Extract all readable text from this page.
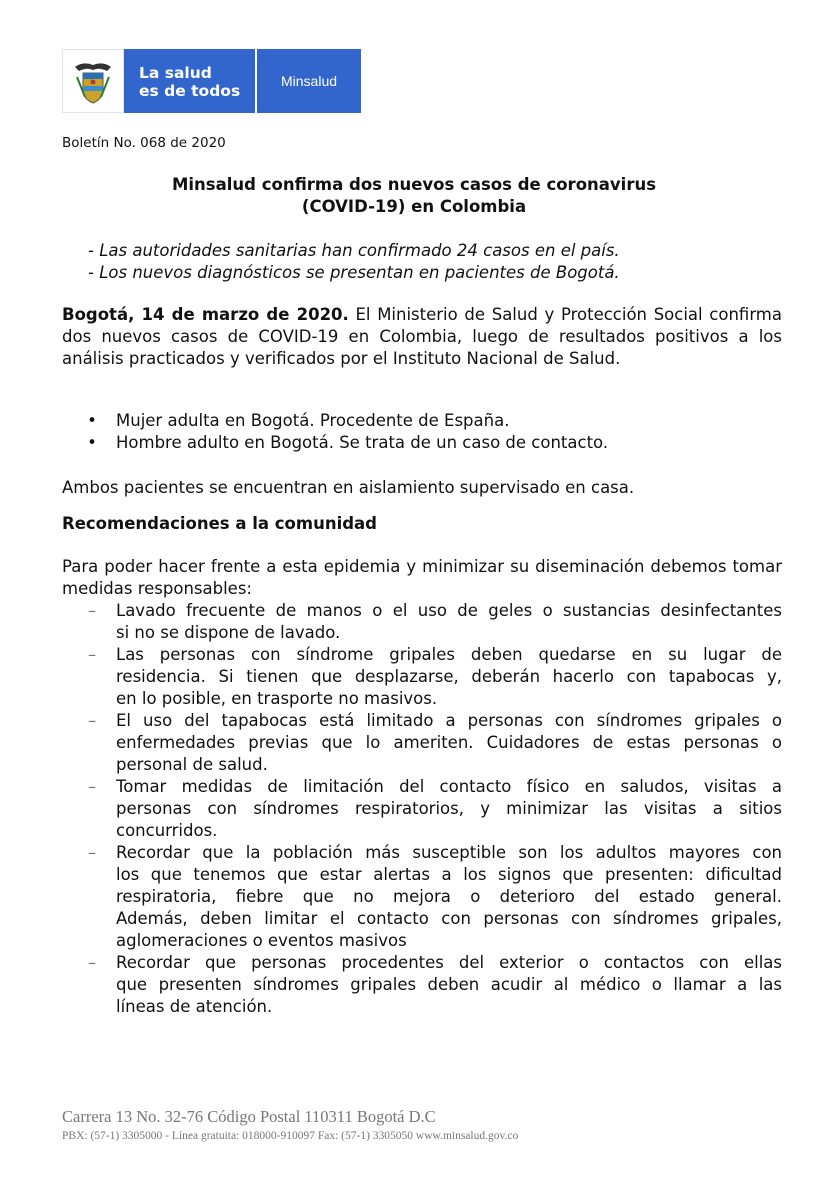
La salud
es de todos
Minsalud
Boletín No. 068 de 2020
Minsalud confirma dos nuevos casos de coronavirus
(COVID-19) en Colombia
- Las autoridades sanitarias han confirmado 24 casos en el país.
- Los nuevos diagnósticos se presentan en pacientes de Bogotá.
Bogotá, 14 de marzo de 2020. El Ministerio de Salud y Protección Social confirma dos nuevos casos de COVID-19 en Colombia, luego de resultados positivos a los análisis practicados y verificados por el Instituto Nacional de Salud.
•	Mujer adulta en Bogotá. Procedente de España.
•	Hombre adulto en Bogotá. Se trata de un caso de contacto.
Ambos pacientes se encuentran en aislamiento supervisado en casa.
Recomendaciones a la comunidad
Para poder hacer frente a esta epidemia y minimizar su diseminación debemos tomar medidas responsables:
–	Lavado frecuente de manos o el uso de geles o sustancias desinfectantes
si no se dispone de lavado.
–	Las personas con síndrome gripales deben quedarse en su lugar de
residencia. Si tienen que desplazarse, deberán hacerlo con tapabocas y,
en lo posible, en trasporte no masivos.
–	El uso del tapabocas está limitado a personas con síndromes gripales o
enfermedades previas que lo ameriten. Cuidadores de estas personas o
personal de salud.
–	Tomar medidas de limitación del contacto físico en saludos, visitas a
personas con síndromes respiratorios, y minimizar las visitas a sitios
concurridos.
–	Recordar que la población más susceptible son los adultos mayores con
los que tenemos que estar alertas a los signos que presenten: dificultad
respiratoria, fiebre que no mejora o deterioro del estado general.
Además, deben limitar el contacto con personas con síndromes gripales,
aglomeraciones o eventos masivos
–	Recordar que personas procedentes del exterior o contactos con ellas
que presenten síndromes gripales deben acudir al médico o llamar a las
líneas de atención.
Carrera 13 No. 32-76 Código Postal 110311 Bogotá D.C
PBX: (57-1) 3305000 - Línea gratuita: 018000-910097 Fax: (57-1) 3305050 www.minsalud.gov.co
